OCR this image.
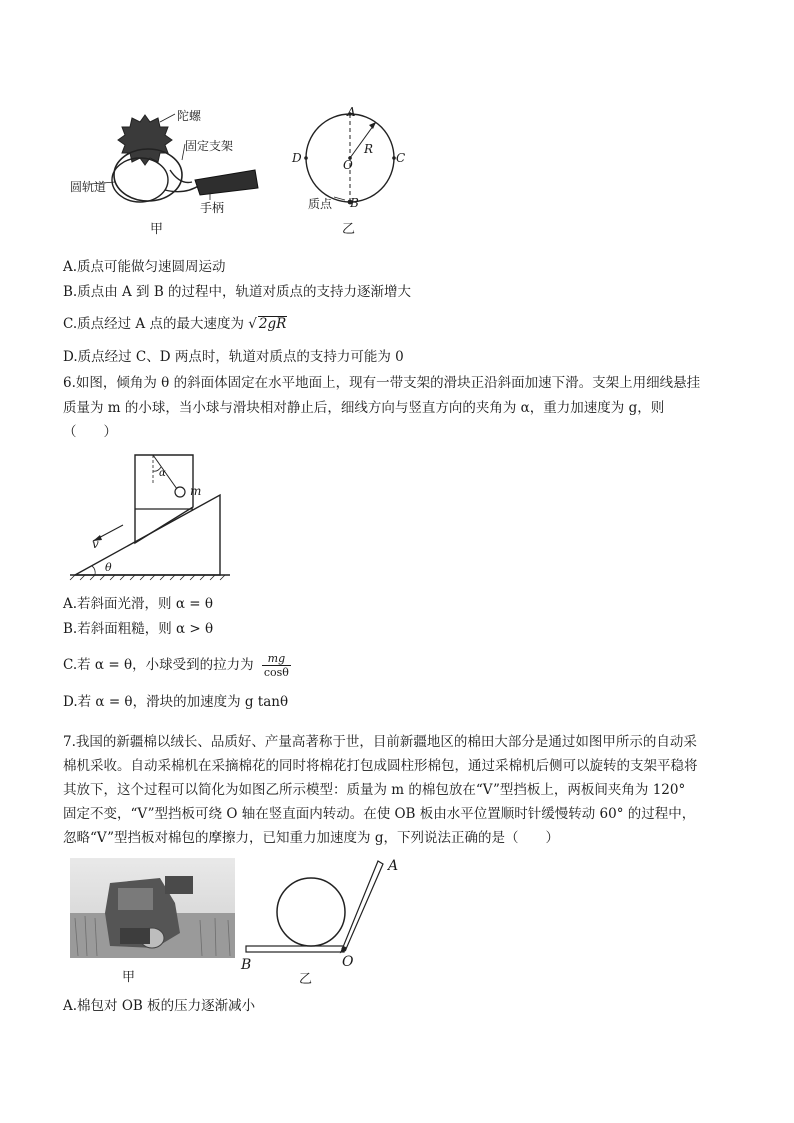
陀螺
固定支架
圆轨道
手柄
甲
A
D	C
R
O
质点 B
乙
A.质点可能做匀速圆周运动
B.质点由 A 到 B 的过程中，轨道对质点的支持力逐渐增大
C.质点经过 A 点的最大速度为 √ 2gR
D.质点经过 C、D 两点时，轨道对质点的支持力可能为 0
6.如图，倾角为 θ 的斜面体固定在水平地面上，现有一带支架的滑块正沿斜面加速下滑。支架上用细线悬挂
质量为 m 的小球，当小球与滑块相对静止后，细线方向与竖直方向的夹角为 α，重力加速度为 g，则
（　　）
m
α
v
θ
A.若斜面光滑，则 α = θ
B.若斜面粗糙，则 α > θ
C.若 α = θ，小球受到的拉力为 $\frac{mg}{\cos\theta}$
D.若 α = θ，滑块的加速度为 g tanθ
7.我国的新疆棉以绒长、品质好、产量高著称于世，目前新疆地区的棉田大部分是通过如图甲所示的自动采
棉机采收。自动采棉机在采摘棉花的同时将棉花打包成圆柱形棉包，通过采棉机后侧可以旋转的支架平稳将
其放下，这个过程可以简化为如图乙所示模型：质量为 m 的棉包放在“V”型挡板上，两板间夹角为 120°
固定不变，“V”型挡板可绕 O 轴在竖直面内转动。在使 OB 板由水平位置顺时针缓慢转动 60° 的过程中，
忽略“V”型挡板对棉包的摩擦力，已知重力加速度为 g，下列说法正确的是（　　）
甲
A
B	O
乙
A.棉包对 OB 板的压力逐渐减小
